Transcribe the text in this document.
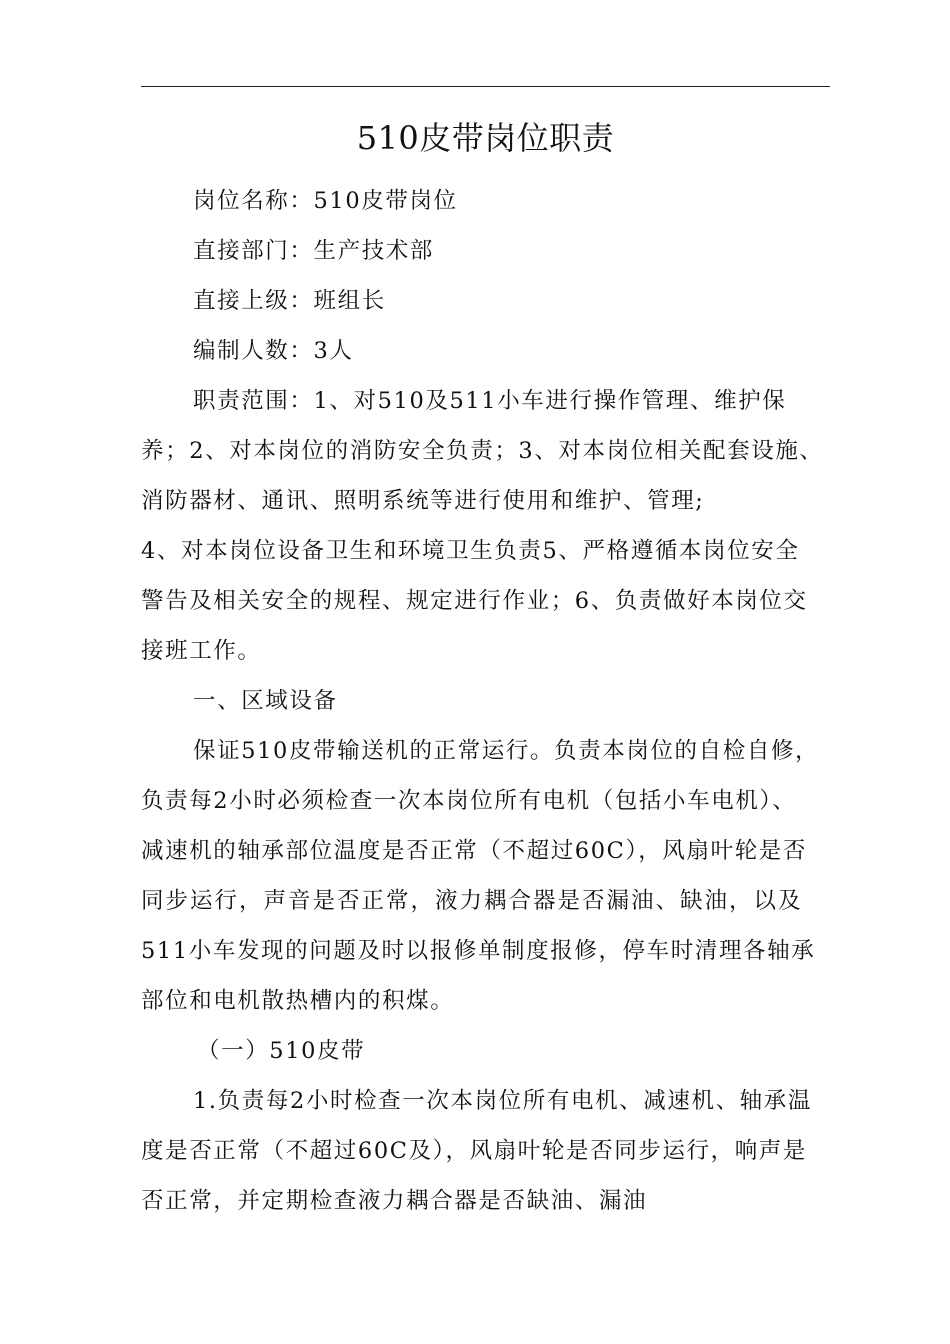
510皮带岗位职责
岗位名称：510皮带岗位
直接部门：生产技术部
直接上级：班组长
编制人数：3人
职责范围：1、对510及511小车进行操作管理、维护保
养；2、对本岗位的消防安全负责；3、对本岗位相关配套设施、
消防器材、通讯、照明系统等进行使用和维护、管理;
4、对本岗位设备卫生和环境卫生负责5、严格遵循本岗位安全
警告及相关安全的规程、规定进行作业；6、负责做好本岗位交
接班工作。
一、区域设备
保证510皮带输送机的正常运行。负责本岗位的自检自修，
负责每2小时必须检查一次本岗位所有电机（包括小车电机）、
减速机的轴承部位温度是否正常（不超过60C），风扇叶轮是否
同步运行，声音是否正常，液力耦合器是否漏油、缺油，以及
511小车发现的问题及时以报修单制度报修，停车时清理各轴承
部位和电机散热槽内的积煤。
（一）510皮带
1.负责每2小时检查一次本岗位所有电机、减速机、轴承温
度是否正常（不超过60C及），风扇叶轮是否同步运行，响声是
否正常，并定期检查液力耦合器是否缺油、漏油
